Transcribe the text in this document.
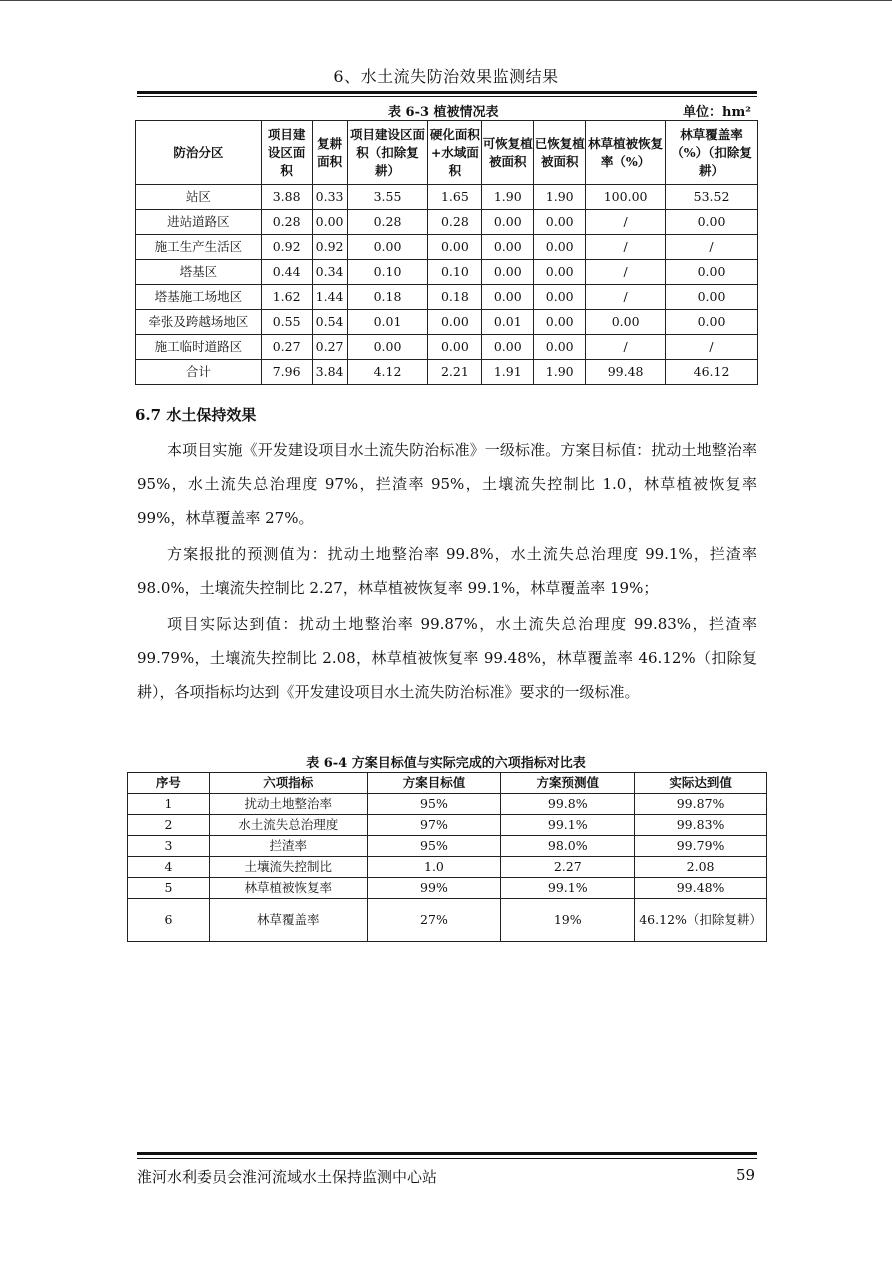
6、水土流失防治效果监测结果
表 6-3 植被情况表	单位：hm²
防治分区	项目建设区面积	复耕面积	项目建设区面积（扣除复耕）	硬化面积+水域面积	可恢复植被面积	已恢复植被面积	林草植被恢复率（%）	林草覆盖率（%）（扣除复耕）
站区	3.88	0.33	3.55	1.65	1.90	1.90	100.00	53.52
进站道路区	0.28	0.00	0.28	0.28	0.00	0.00	/	0.00
施工生产生活区	0.92	0.92	0.00	0.00	0.00	0.00	/	/
塔基区	0.44	0.34	0.10	0.10	0.00	0.00	/	0.00
塔基施工场地区	1.62	1.44	0.18	0.18	0.00	0.00	/	0.00
牵张及跨越场地区	0.55	0.54	0.01	0.00	0.01	0.00	0.00	0.00
施工临时道路区	0.27	0.27	0.00	0.00	0.00	0.00	/	/
合计	7.96	3.84	4.12	2.21	1.91	1.90	99.48	46.12
6.7 水土保持效果
本项目实施《开发建设项目水土流失防治标准》一级标准。方案目标值：扰动土地整治率 95%，水土流失总治理度 97%，拦渣率 95%，土壤流失控制比 1.0，林草植被恢复率 99%，林草覆盖率 27%。
方案报批的预测值为：扰动土地整治率 99.8%，水土流失总治理度 99.1%，拦渣率 98.0%，土壤流失控制比 2.27，林草植被恢复率 99.1%，林草覆盖率 19%；
项目实际达到值：扰动土地整治率 99.87%，水土流失总治理度 99.83%，拦渣率 99.79%，土壤流失控制比 2.08，林草植被恢复率 99.48%，林草覆盖率 46.12%（扣除复耕），各项指标均达到《开发建设项目水土流失防治标准》要求的一级标准。
表 6-4 方案目标值与实际完成的六项指标对比表
序号	六项指标	方案目标值	方案预测值	实际达到值
1	扰动土地整治率	95%	99.8%	99.87%
2	水土流失总治理度	97%	99.1%	99.83%
3	拦渣率	95%	98.0%	99.79%
4	土壤流失控制比	1.0	2.27	2.08
5	林草植被恢复率	99%	99.1%	99.48%
6	林草覆盖率	27%	19%	46.12%（扣除复耕）
淮河水利委员会淮河流域水土保持监测中心站	59
